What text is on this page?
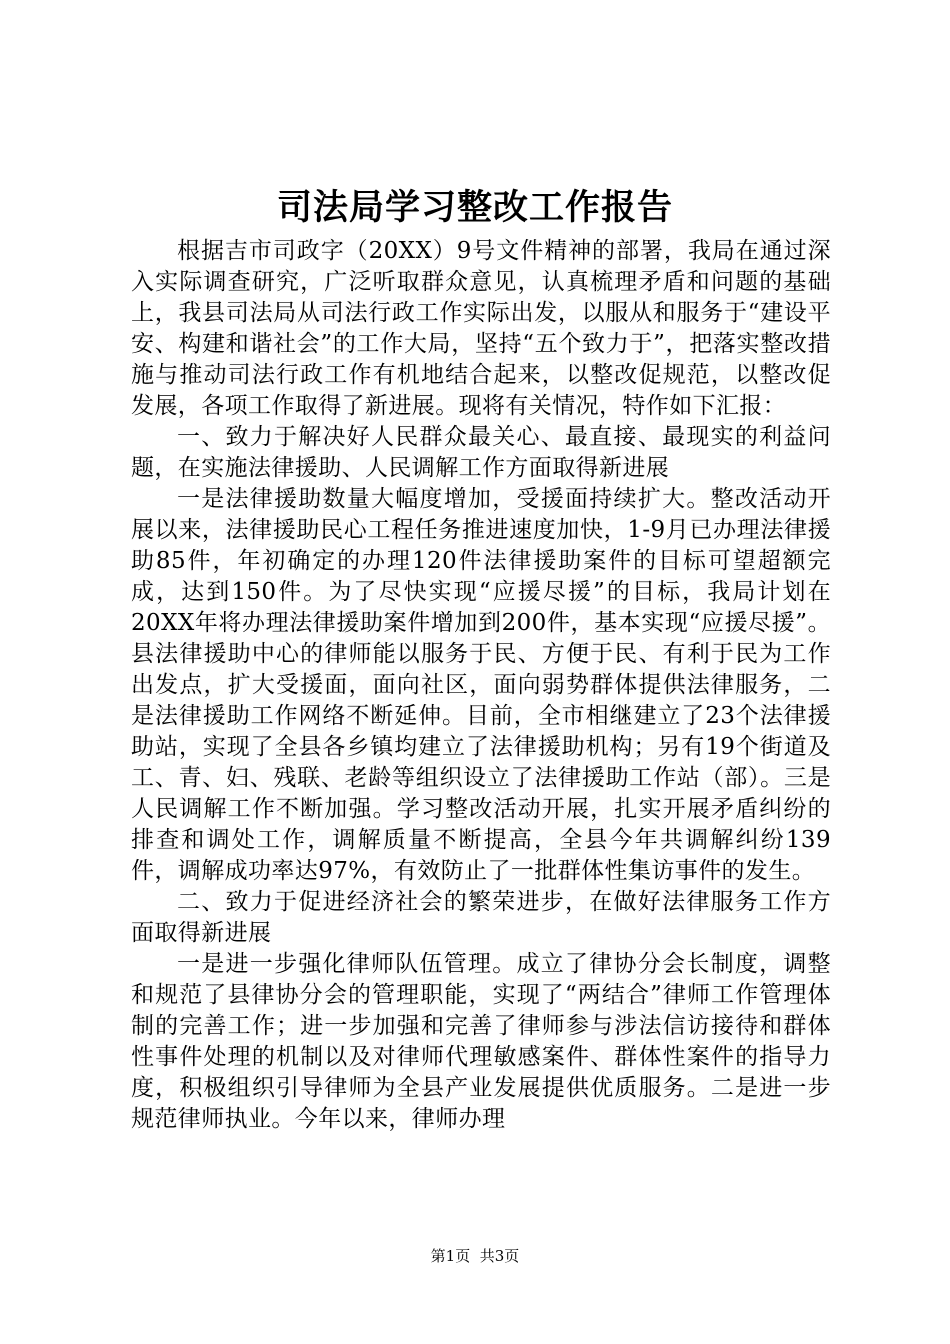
司法局学习整改工作报告

根据吉市司政字（20XX）9号文件精神的部署，我局在通过深入实际调查研究，广泛听取群众意见，认真梳理矛盾和问题的基础上，我县司法局从司法行政工作实际出发，以服从和服务于“建设平安、构建和谐社会”的工作大局，坚持“五个致力于”，把落实整改措施与推动司法行政工作有机地结合起来，以整改促规范，以整改促发展，各项工作取得了新进展。现将有关情况，特作如下汇报：

一、致力于解决好人民群众最关心、最直接、最现实的利益问题，在实施法律援助、人民调解工作方面取得新进展

一是法律援助数量大幅度增加，受援面持续扩大。整改活动开展以来，法律援助民心工程任务推进速度加快，1-9月已办理法律援助85件，年初确定的办理120件法律援助案件的目标可望超额完成，达到150件。为了尽快实现“应援尽援”的目标，我局计划在20XX年将办理法律援助案件增加到200件，基本实现“应援尽援”。县法律援助中心的律师能以服务于民、方便于民、有利于民为工作出发点，扩大受援面，面向社区，面向弱势群体提供法律服务，二是法律援助工作网络不断延伸。目前，全市相继建立了23个法律援助站，实现了全县各乡镇均建立了法律援助机构；另有19个街道及工、青、妇、残联、老龄等组织设立了法律援助工作站（部）。三是人民调解工作不断加强。学习整改活动开展，扎实开展矛盾纠纷的排查和调处工作，调解质量不断提高，全县今年共调解纠纷139件，调解成功率达97%，有效防止了一批群体性集访事件的发生。

二、致力于促进经济社会的繁荣进步，在做好法律服务工作方面取得新进展

一是进一步强化律师队伍管理。成立了律协分会长制度，调整和规范了县律协分会的管理职能，实现了“两结合”律师工作管理体制的完善工作；进一步加强和完善了律师参与涉法信访接待和群体性事件处理的机制以及对律师代理敏感案件、群体性案件的指导力度，积极组织引导律师为全县产业发展提供优质服务。二是进一步规范律师执业。今年以来，律师办理

第1页 共3页
